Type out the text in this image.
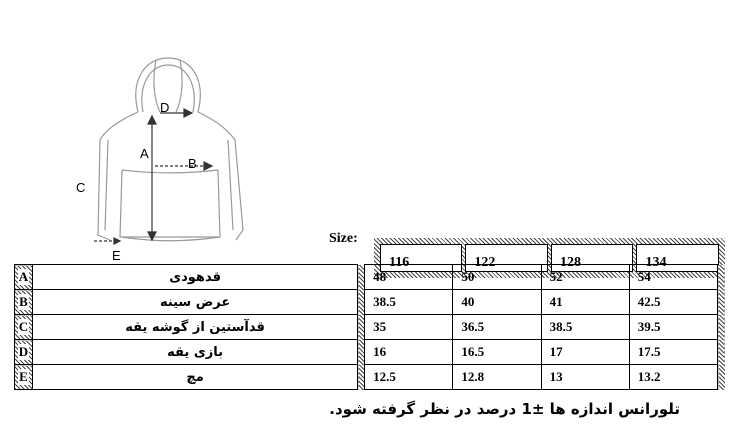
D
A
B
C
E
Size:
116	122	128	134
A	قدهودی		48	50	52	54	
B	عرض سینه		38.5	40	41	42.5	
C	قدآستین از گوشه یقه		35	36.5	38.5	39.5	
D	بازی یقه		16	16.5	17	17.5	
E	مچ		12.5	12.8	13	13.2	
تلورانس اندازه ها ±1 درصد در نظر گرفته شود.
